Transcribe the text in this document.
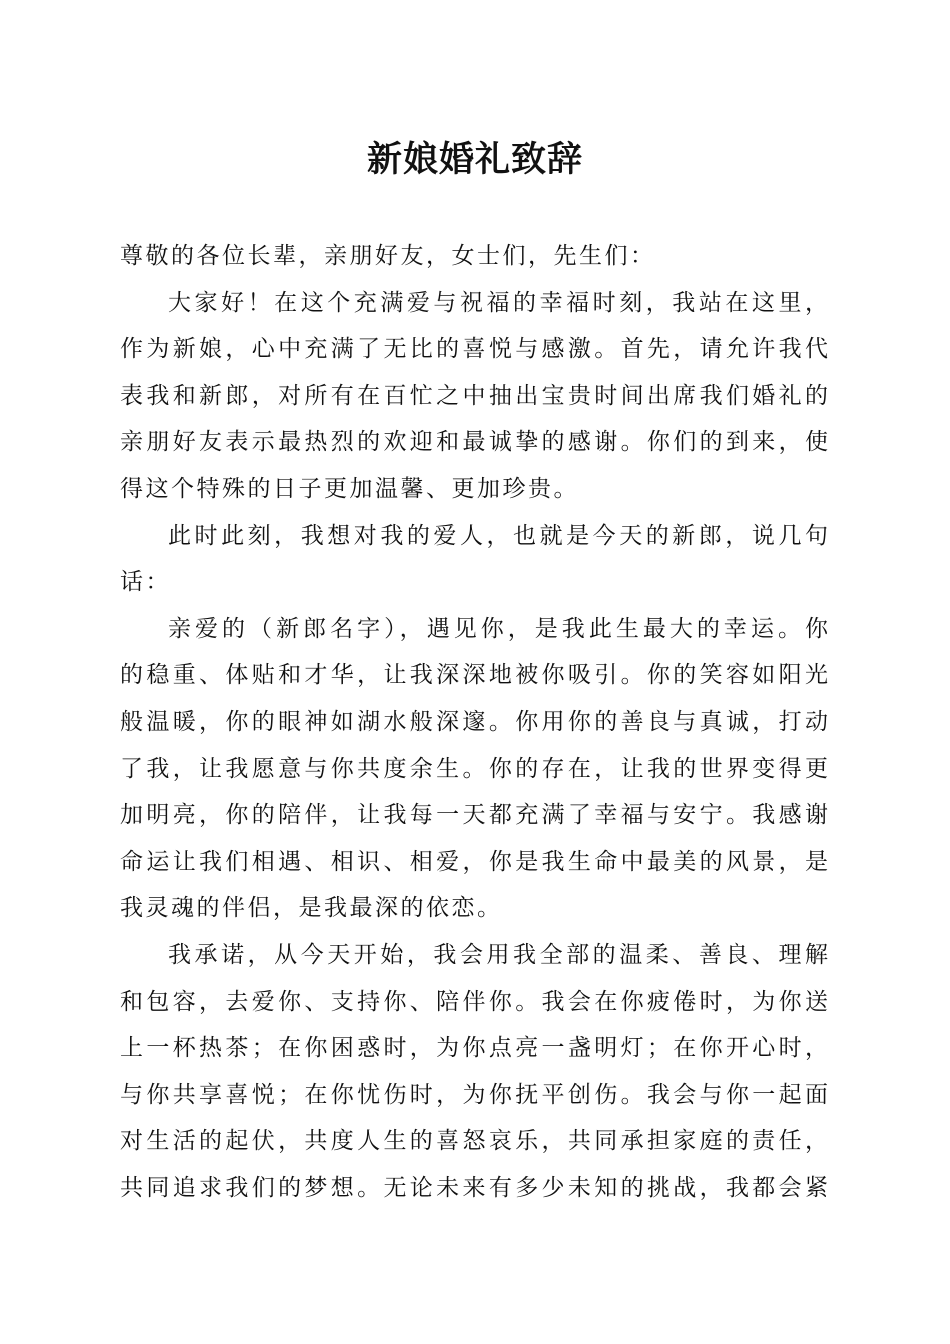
新娘婚礼致辞
尊敬的各位长辈，亲朋好友，女士们，先生们：
大家好！在这个充满爱与祝福的幸福时刻，我站在这里，
作为新娘，心中充满了无比的喜悦与感激。首先，请允许我代
表我和新郎，对所有在百忙之中抽出宝贵时间出席我们婚礼的
亲朋好友表示最热烈的欢迎和最诚挚的感谢。你们的到来，使
得这个特殊的日子更加温馨、更加珍贵。
此时此刻，我想对我的爱人，也就是今天的新郎，说几句
话：
亲爱的（新郎名字），遇见你，是我此生最大的幸运。你
的稳重、体贴和才华，让我深深地被你吸引。你的笑容如阳光
般温暖，你的眼神如湖水般深邃。你用你的善良与真诚，打动
了我，让我愿意与你共度余生。你的存在，让我的世界变得更
加明亮，你的陪伴，让我每一天都充满了幸福与安宁。我感谢
命运让我们相遇、相识、相爱，你是我生命中最美的风景，是
我灵魂的伴侣，是我最深的依恋。
我承诺，从今天开始，我会用我全部的温柔、善良、理解
和包容，去爱你、支持你、陪伴你。我会在你疲倦时，为你送
上一杯热茶；在你困惑时，为你点亮一盏明灯；在你开心时，
与你共享喜悦；在你忧伤时，为你抚平创伤。我会与你一起面
对生活的起伏，共度人生的喜怒哀乐，共同承担家庭的责任，
共同追求我们的梦想。无论未来有多少未知的挑战，我都会紧
